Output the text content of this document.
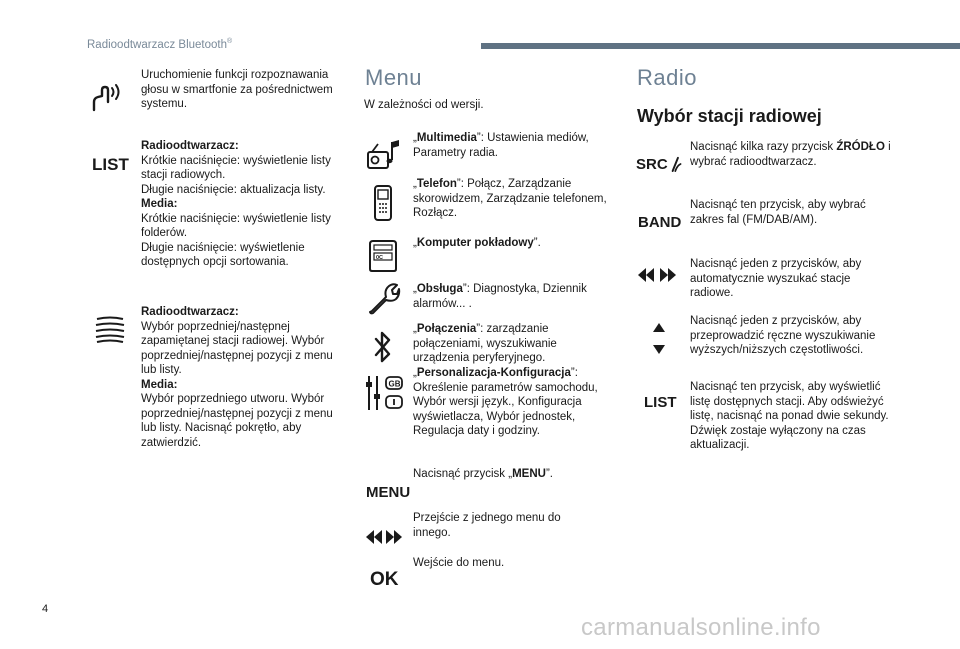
Radioodtwarzacz Bluetooth®
Uruchomienie funkcji rozpoznawania głosu w smartfonie za pośrednictwem systemu.
LIST
Radioodtwarzacz:
Krótkie naciśnięcie: wyświetlenie listy stacji radiowych.
Długie naciśnięcie: aktualizacja listy.
Media:
Krótkie naciśnięcie: wyświetlenie listy folderów.
Długie naciśnięcie: wyświetlenie dostępnych opcji sortowania.
Radioodtwarzacz:
Wybór poprzedniej/następnej zapamiętanej stacji radiowej. Wybór poprzedniej/następnej pozycji z menu lub listy.
Media:
Wybór poprzedniego utworu. Wybór poprzedniej/następnej pozycji z menu lub listy. Nacisnąć pokrętło, aby zatwierdzić.
Menu
W zależności od wersji.
„Multimedia”: Ustawienia mediów, Parametry radia.
„Telefon”: Połącz, Zarządzanie skorowidzem, Zarządzanie telefonem, Rozłącz.
0C
„Komputer pokładowy”.
„Obsługa”: Diagnostyka, Dziennik alarmów... .
„Połączenia”: zarządzanie połączeniami, wyszukiwanie urządzenia peryferyjnego.
GB
„Personalizacja-Konfiguracja”: Określenie parametrów samochodu, Wybór wersji język., Konfiguracja wyświetlacza, Wybór jednostek, Regulacja daty i godziny.
MENU
Nacisnąć przycisk „MENU”.
Przejście z jednego menu do innego.
OK
Wejście do menu.
Radio
Wybór stacji radiowej
SRC
Nacisnąć kilka razy przycisk ŹRÓDŁO i wybrać radioodtwarzacz.
BAND
Nacisnąć ten przycisk, aby wybrać zakres fal (FM/DAB/AM).
Nacisnąć jeden z przycisków, aby automatycznie wyszukać stacje radiowe.
Nacisnąć jeden z przycisków, aby przeprowadzić ręczne wyszukiwanie wyższych/niższych częstotliwości.
LIST
Nacisnąć ten przycisk, aby wyświetlić listę dostępnych stacji. Aby odświeżyć listę, nacisnąć na ponad dwie sekundy. Dźwięk zostaje wyłączony na czas aktualizacji.
4
carmanualsonline.info
